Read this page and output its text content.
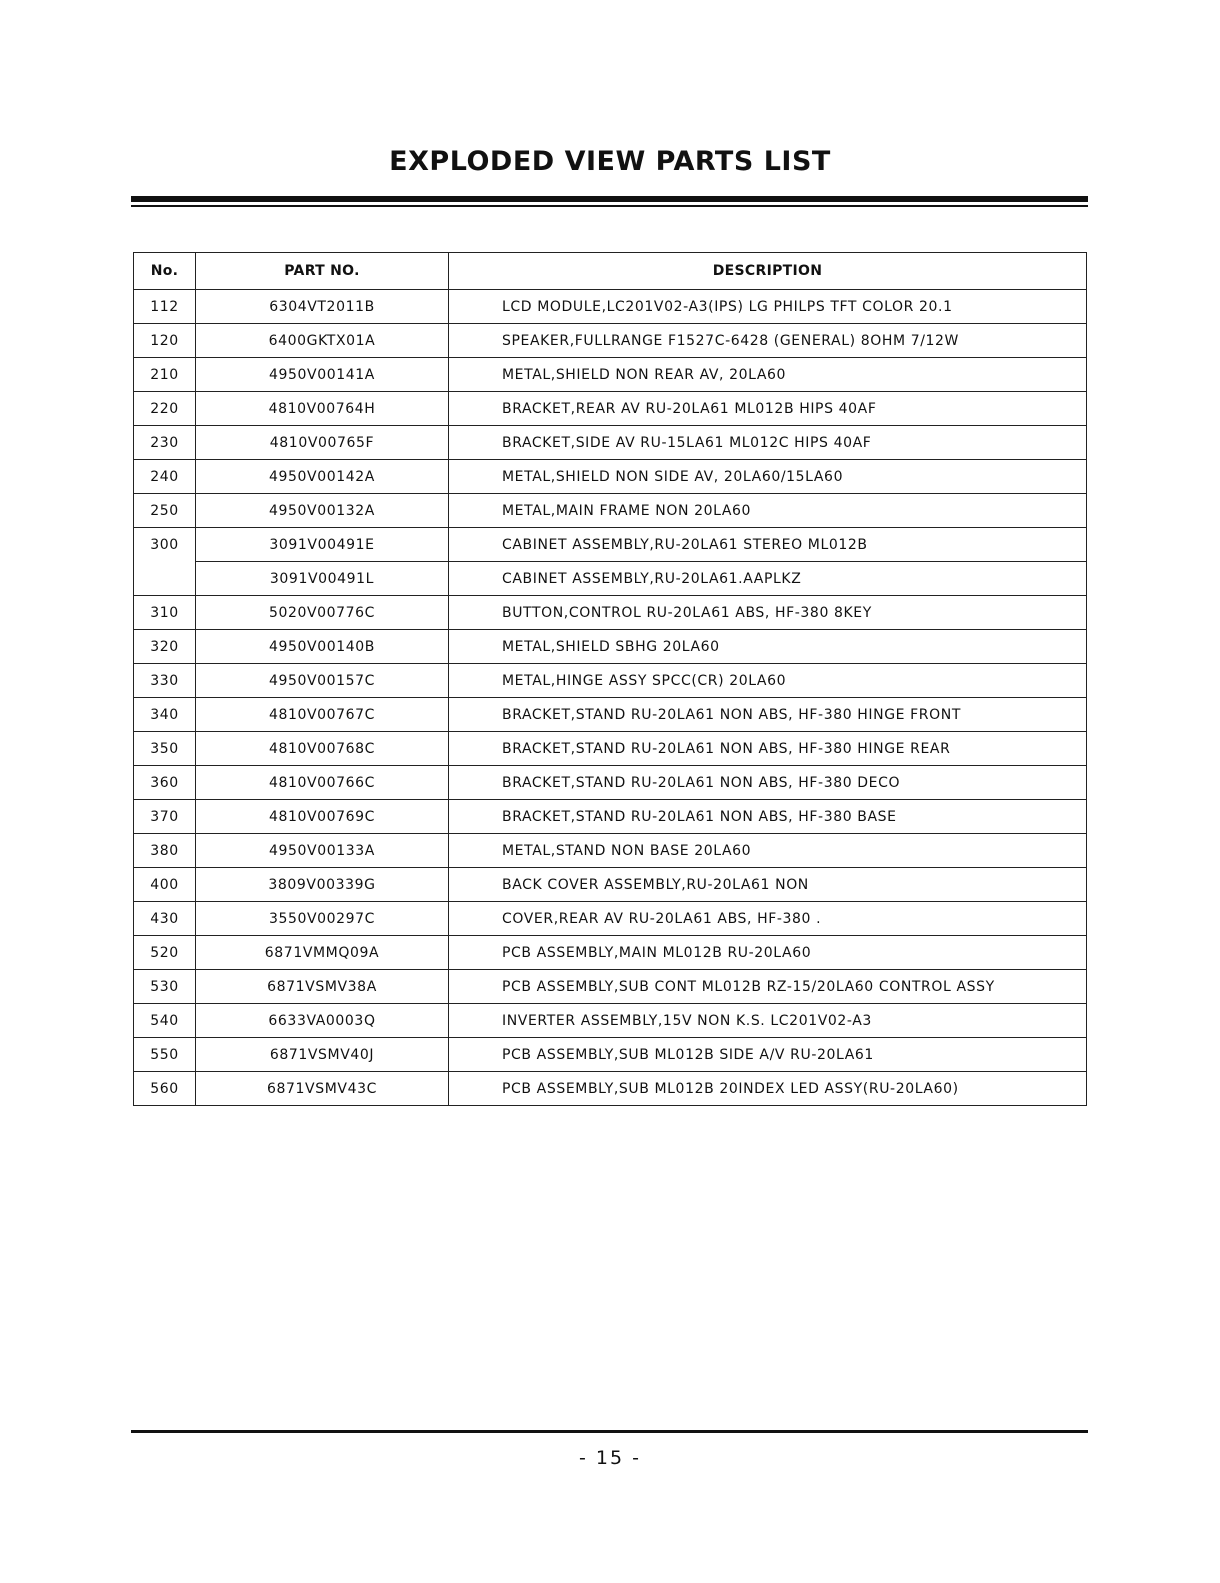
EXPLODED VIEW PARTS LIST
No.	PART NO.	DESCRIPTION
112	6304VT2011B	LCD MODULE,LC201V02-A3(IPS) LG PHILPS TFT COLOR 20.1
120	6400GKTX01A	SPEAKER,FULLRANGE F1527C-6428 (GENERAL) 8OHM 7/12W
210	4950V00141A	METAL,SHIELD NON REAR AV, 20LA60
220	4810V00764H	BRACKET,REAR AV RU-20LA61 ML012B HIPS 40AF
230	4810V00765F	BRACKET,SIDE AV RU-15LA61 ML012C HIPS 40AF
240	4950V00142A	METAL,SHIELD NON SIDE AV, 20LA60/15LA60
250	4950V00132A	METAL,MAIN FRAME NON 20LA60
300	3091V00491E	CABINET ASSEMBLY,RU-20LA61 STEREO ML012B
	3091V00491L	CABINET ASSEMBLY,RU-20LA61.AAPLKZ
310	5020V00776C	BUTTON,CONTROL RU-20LA61 ABS, HF-380 8KEY
320	4950V00140B	METAL,SHIELD SBHG 20LA60
330	4950V00157C	METAL,HINGE ASSY SPCC(CR) 20LA60
340	4810V00767C	BRACKET,STAND RU-20LA61 NON ABS, HF-380 HINGE FRONT
350	4810V00768C	BRACKET,STAND RU-20LA61 NON ABS, HF-380 HINGE REAR
360	4810V00766C	BRACKET,STAND RU-20LA61 NON ABS, HF-380 DECO
370	4810V00769C	BRACKET,STAND RU-20LA61 NON ABS, HF-380 BASE
380	4950V00133A	METAL,STAND NON BASE 20LA60
400	3809V00339G	BACK COVER ASSEMBLY,RU-20LA61 NON
430	3550V00297C	COVER,REAR AV RU-20LA61 ABS, HF-380 .
520	6871VMMQ09A	PCB ASSEMBLY,MAIN ML012B RU-20LA60
530	6871VSMV38A	PCB ASSEMBLY,SUB CONT ML012B RZ-15/20LA60 CONTROL ASSY
540	6633VA0003Q	INVERTER ASSEMBLY,15V NON K.S. LC201V02-A3
550	6871VSMV40J	PCB ASSEMBLY,SUB ML012B SIDE A/V RU-20LA61
560	6871VSMV43C	PCB ASSEMBLY,SUB ML012B 20INDEX LED ASSY(RU-20LA60)
- 15 -
